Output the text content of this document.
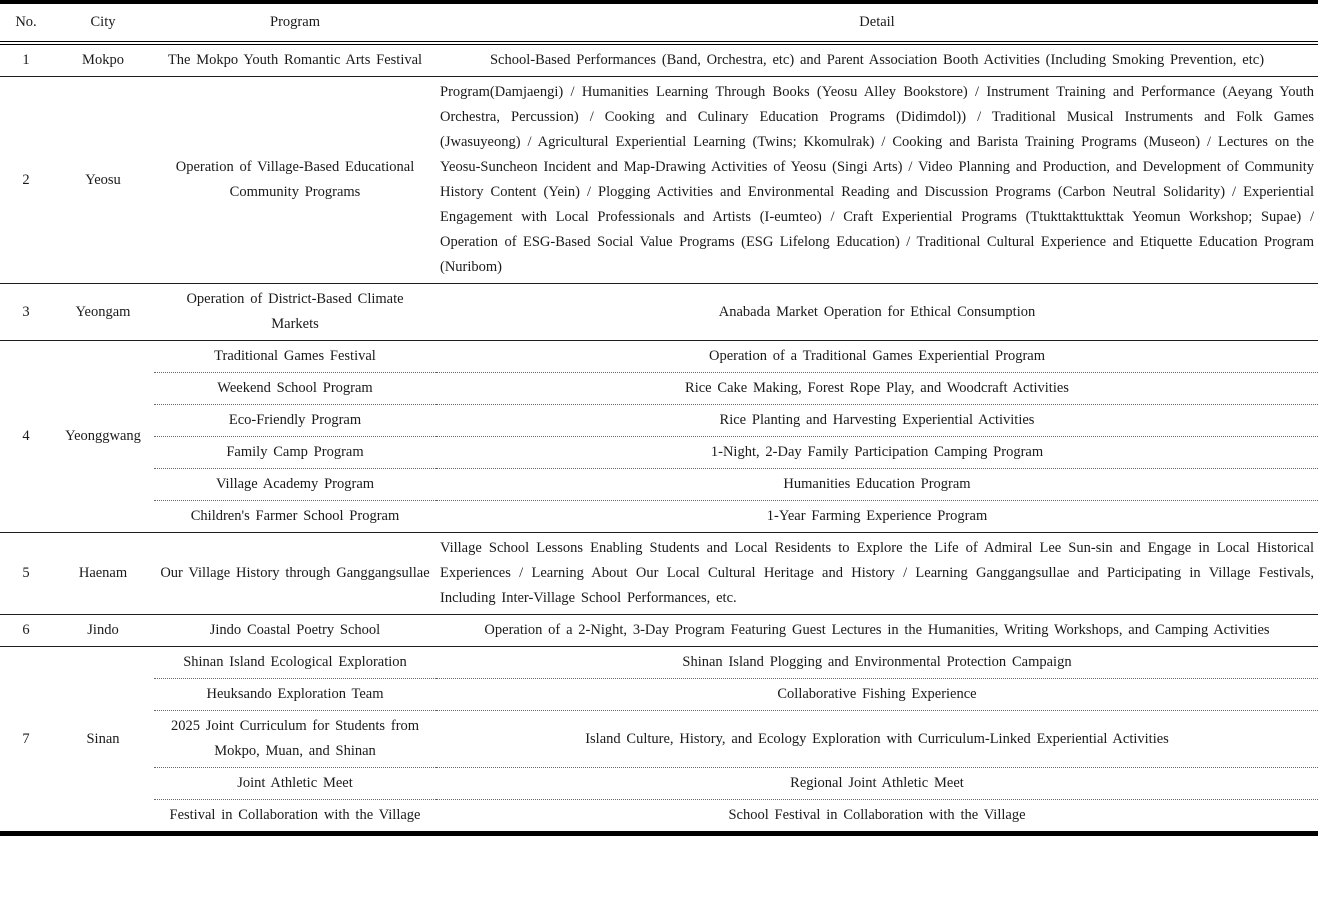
No.	City	Program	Detail
1	Mokpo	The Mokpo Youth Romantic Arts Festival	School-Based Performances (Band, Orchestra, etc) and Parent Association Booth Activities (Including Smoking Prevention, etc)
2	Yeosu	Operation of Village-Based Educational Community Programs	Program(Damjaengi) / Humanities Learning Through Books (Yeosu Alley Bookstore) / Instrument Training and Performance (Aeyang Youth Orchestra, Percussion) / Cooking and Culinary Education Programs (Didimdol)) / Traditional Musical Instruments and Folk Games (Jwasuyeong) / Agricultural Experiential Learning (Twins; Kkomulrak) / Cooking and Barista Training Programs (Museon) / Lectures on the Yeosu-Suncheon Incident and Map-Drawing Activities of Yeosu (Singi Arts) / Video Planning and Production, and Development of Community History Content (Yein) / Plogging Activities and Environmental Reading and Discussion Programs (Carbon Neutral Solidarity) / Experiential Engagement with Local Professionals and Artists (I-eumteo) / Craft Experiential Programs (Ttukttakttukttak Yeomun Workshop; Supae) / Operation of ESG-Based Social Value Programs (ESG Lifelong Education) / Traditional Cultural Experience and Etiquette Education Program (Nuribom)
3	Yeongam	Operation of District-Based Climate Markets	Anabada Market Operation for Ethical Consumption
4	Yeonggwang	Traditional Games Festival	Operation of a Traditional Games Experiential Program
		Weekend School Program	Rice Cake Making, Forest Rope Play, and Woodcraft Activities
		Eco-Friendly Program	Rice Planting and Harvesting Experiential Activities
		Family Camp Program	1-Night, 2-Day Family Participation Camping Program
		Village Academy Program	Humanities Education Program
		Children's Farmer School Program	1-Year Farming Experience Program
5	Haenam	Our Village History through Ganggangsullae	Village School Lessons Enabling Students and Local Residents to Explore the Life of Admiral Lee Sun-sin and Engage in Local Historical Experiences / Learning About Our Local Cultural Heritage and History / Learning Ganggangsullae and Participating in Village Festivals, Including Inter-Village School Performances, etc.
6	Jindo	Jindo Coastal Poetry School	Operation of a 2-Night, 3-Day Program Featuring Guest Lectures in the Humanities, Writing Workshops, and Camping Activities
7	Sinan	Shinan Island Ecological Exploration	Shinan Island Plogging and Environmental Protection Campaign
		Heuksando Exploration Team	Collaborative Fishing Experience
		2025 Joint Curriculum for Students from Mokpo, Muan, and Shinan	Island Culture, History, and Ecology Exploration with Curriculum-Linked Experiential Activities
		Joint Athletic Meet	Regional Joint Athletic Meet
		Festival in Collaboration with the Village	School Festival in Collaboration with the Village
